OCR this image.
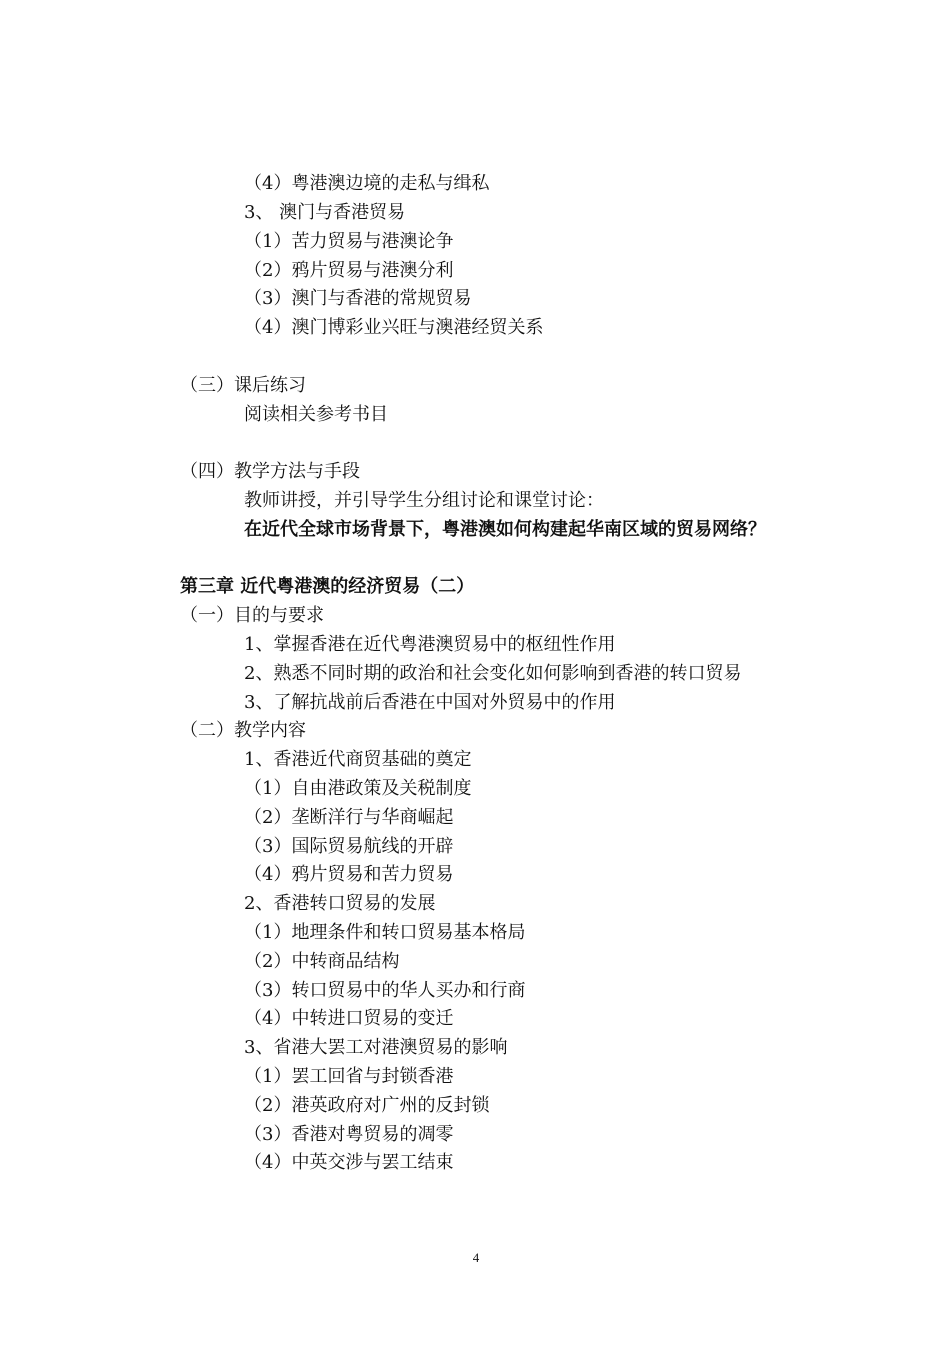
（4）粤港澳边境的走私与缉私
3、 澳门与香港贸易
（1）苦力贸易与港澳论争
（2）鸦片贸易与港澳分利
（3）澳门与香港的常规贸易
（4）澳门博彩业兴旺与澳港经贸关系
（三）课后练习
阅读相关参考书目
（四）教学方法与手段
教师讲授，并引导学生分组讨论和课堂讨论：
在近代全球市场背景下，粤港澳如何构建起华南区域的贸易网络？
第三章 近代粤港澳的经济贸易（二）
（一）目的与要求
1、掌握香港在近代粤港澳贸易中的枢纽性作用
2、熟悉不同时期的政治和社会变化如何影响到香港的转口贸易
3、了解抗战前后香港在中国对外贸易中的作用
（二）教学内容
1、香港近代商贸基础的奠定
（1）自由港政策及关税制度
（2）垄断洋行与华商崛起
（3）国际贸易航线的开辟
（4）鸦片贸易和苦力贸易
2、香港转口贸易的发展
（1）地理条件和转口贸易基本格局
（2）中转商品结构
（3）转口贸易中的华人买办和行商
（4）中转进口贸易的变迁
3、省港大罢工对港澳贸易的影响
（1）罢工回省与封锁香港
（2）港英政府对广州的反封锁
（3）香港对粤贸易的凋零
（4）中英交涉与罢工结束
4
